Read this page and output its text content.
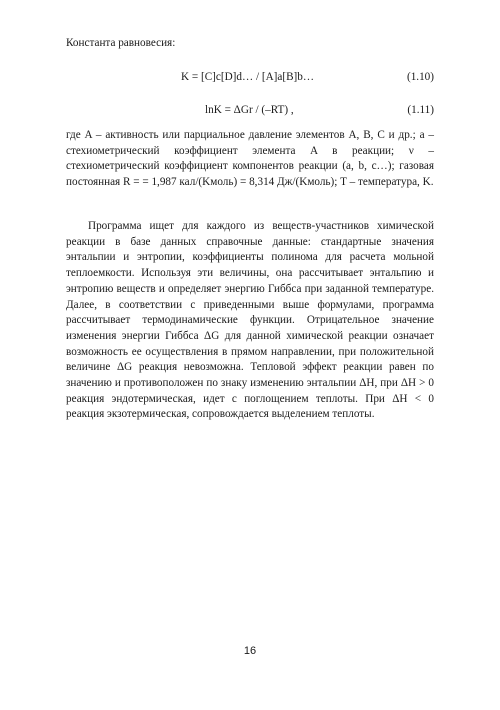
Константа равновесия:

K = [C]c[D]d… / [A]a[B]b…	(1.10)
lnK = ΔGr / (–RT) ,	(1.11)

где A – активность или парциальное давление элементов A, B, C и др.; a – стехиометрический коэффициент элемента A в реакции; ν – стехиометрический коэффициент компонентов реакции (a, b, c…); газовая постоянная R = = 1,987 кал/(Kмоль) = 8,314 Дж/(Kмоль); T – температура, K.

Программа ищет для каждого из веществ-участников химической реакции в базе данных справочные данные: стандартные значения энтальпии и энтропии, коэффициенты полинома для расчета мольной теплоемкости. Используя эти величины, она рассчитывает энтальпию и энтропию веществ и определяет энергию Гиббса при заданной температуре. Далее, в соответствии с приведенными выше формулами, программа рассчитывает термодинамические функции. Отрицательное значение изменения энергии Гиббса ΔG для данной химической реакции означает возможность ее осуществления в прямом направлении, при положительной величине ΔG реакция невозможна. Тепловой эффект реакции равен по значению и противоположен по знаку изменению энтальпии ΔH, при ΔH > 0 реакция эндотермическая, идет с поглощением теплоты. При ΔH < 0 реакция экзотермическая, сопровождается выделением теплоты.

16
